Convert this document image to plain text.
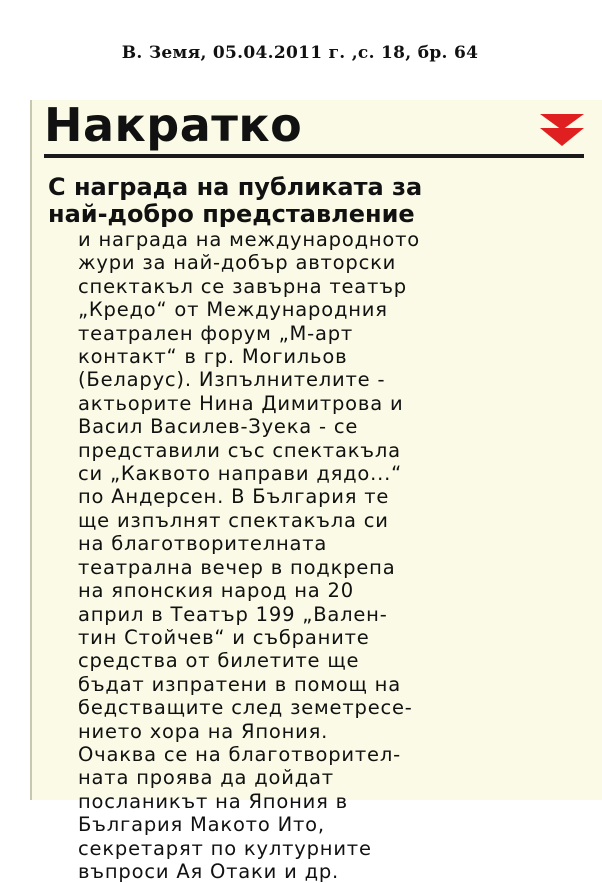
В. Земя, 05.04.2011 г. ,с. 18, бр. 64
Накратко
С награда на публиката за
най-добро представление
и награда на международното
жури за най-добър авторски
спектакъл се завърна театър
„Кредо“ от Международния
театрален форум „М-арт
контакт“ в гр. Могильов
(Беларус). Изпълнителите -
актьорите Нина Димитрова и
Васил Василев-Зуека - се
представили със спектакъла
си „Каквото направи дядо...“
по Андерсен. В България те
ще изпълнят спектакъла си
на благотворителната
театрална вечер в подкрепа
на японския народ на 20
април в Театър 199 „Вален-
тин Стойчев“ и събраните
средства от билетите ще
бъдат изпратени в помощ на
бедстващите след земетресе-
нието хора на Япония.
Очаква се на благотворител-
ната проява да дойдат
посланикът на Япония в
България Макото Ито,
секретарят по културните
въпроси Ая Отаки и др.
